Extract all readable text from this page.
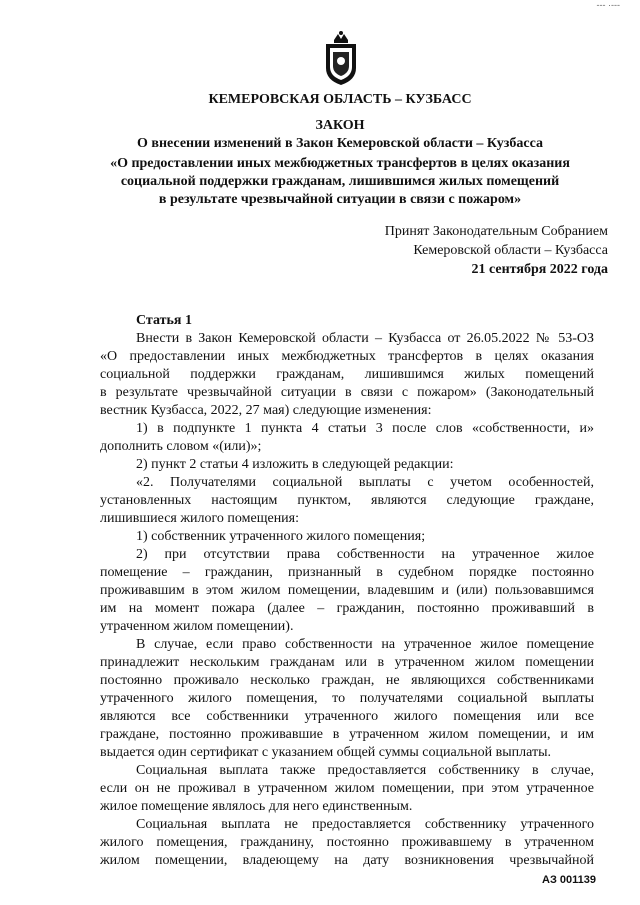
--- ·---
КЕМЕРОВСКАЯ ОБЛАСТЬ – КУЗБАСС
ЗАКОН
О внесении изменений в Закон Кемеровской области – Кузбасса
«О предоставлении иных межбюджетных трансфертов в целях оказания
социальной поддержки гражданам, лишившимся жилых помещений
в результате чрезвычайной ситуации в связи с пожаром»
Принят Законодательным Собранием
Кемеровской области – Кузбасса
21 сентября 2022 года
Статья 1
Внести в Закон Кемеровской области – Кузбасса от 26.05.2022 № 53-ОЗ
«О предоставлении иных межбюджетных трансфертов в целях оказания
социальной поддержки гражданам, лишившимся жилых помещений
в результате чрезвычайной ситуации в связи с пожаром» (Законодательный
вестник Кузбасса, 2022, 27 мая) следующие изменения:
1) в подпункте 1 пункта 4 статьи 3 после слов «собственности, и»
дополнить словом «(или)»;
2) пункт 2 статьи 4 изложить в следующей редакции:
«2. Получателями социальной выплаты с учетом особенностей,
установленных настоящим пунктом, являются следующие граждане,
лишившиеся жилого помещения:
1) собственник утраченного жилого помещения;
2) при отсутствии права собственности на утраченное жилое
помещение – гражданин, признанный в судебном порядке постоянно
проживавшим в этом жилом помещении, владевшим и (или) пользовавшимся
им на момент пожара (далее – гражданин, постоянно проживавший в
утраченном жилом помещении).
В случае, если право собственности на утраченное жилое помещение
принадлежит нескольким гражданам или в утраченном жилом помещении
постоянно проживало несколько граждан, не являющихся собственниками
утраченного жилого помещения, то получателями социальной выплаты
являются все собственники утраченного жилого помещения или все
граждане, постоянно проживавшие в утраченном жилом помещении, и им
выдается один сертификат с указанием общей суммы социальной выплаты.
Социальная выплата также предоставляется собственнику в случае,
если он не проживал в утраченном жилом помещении, при этом утраченное
жилое помещение являлось для него единственным.
Социальная выплата не предоставляется собственнику утраченного
жилого помещения, гражданину, постоянно проживавшему в утраченном
жилом помещении, владеющему на дату возникновения чрезвычайной
АЗ 001139
